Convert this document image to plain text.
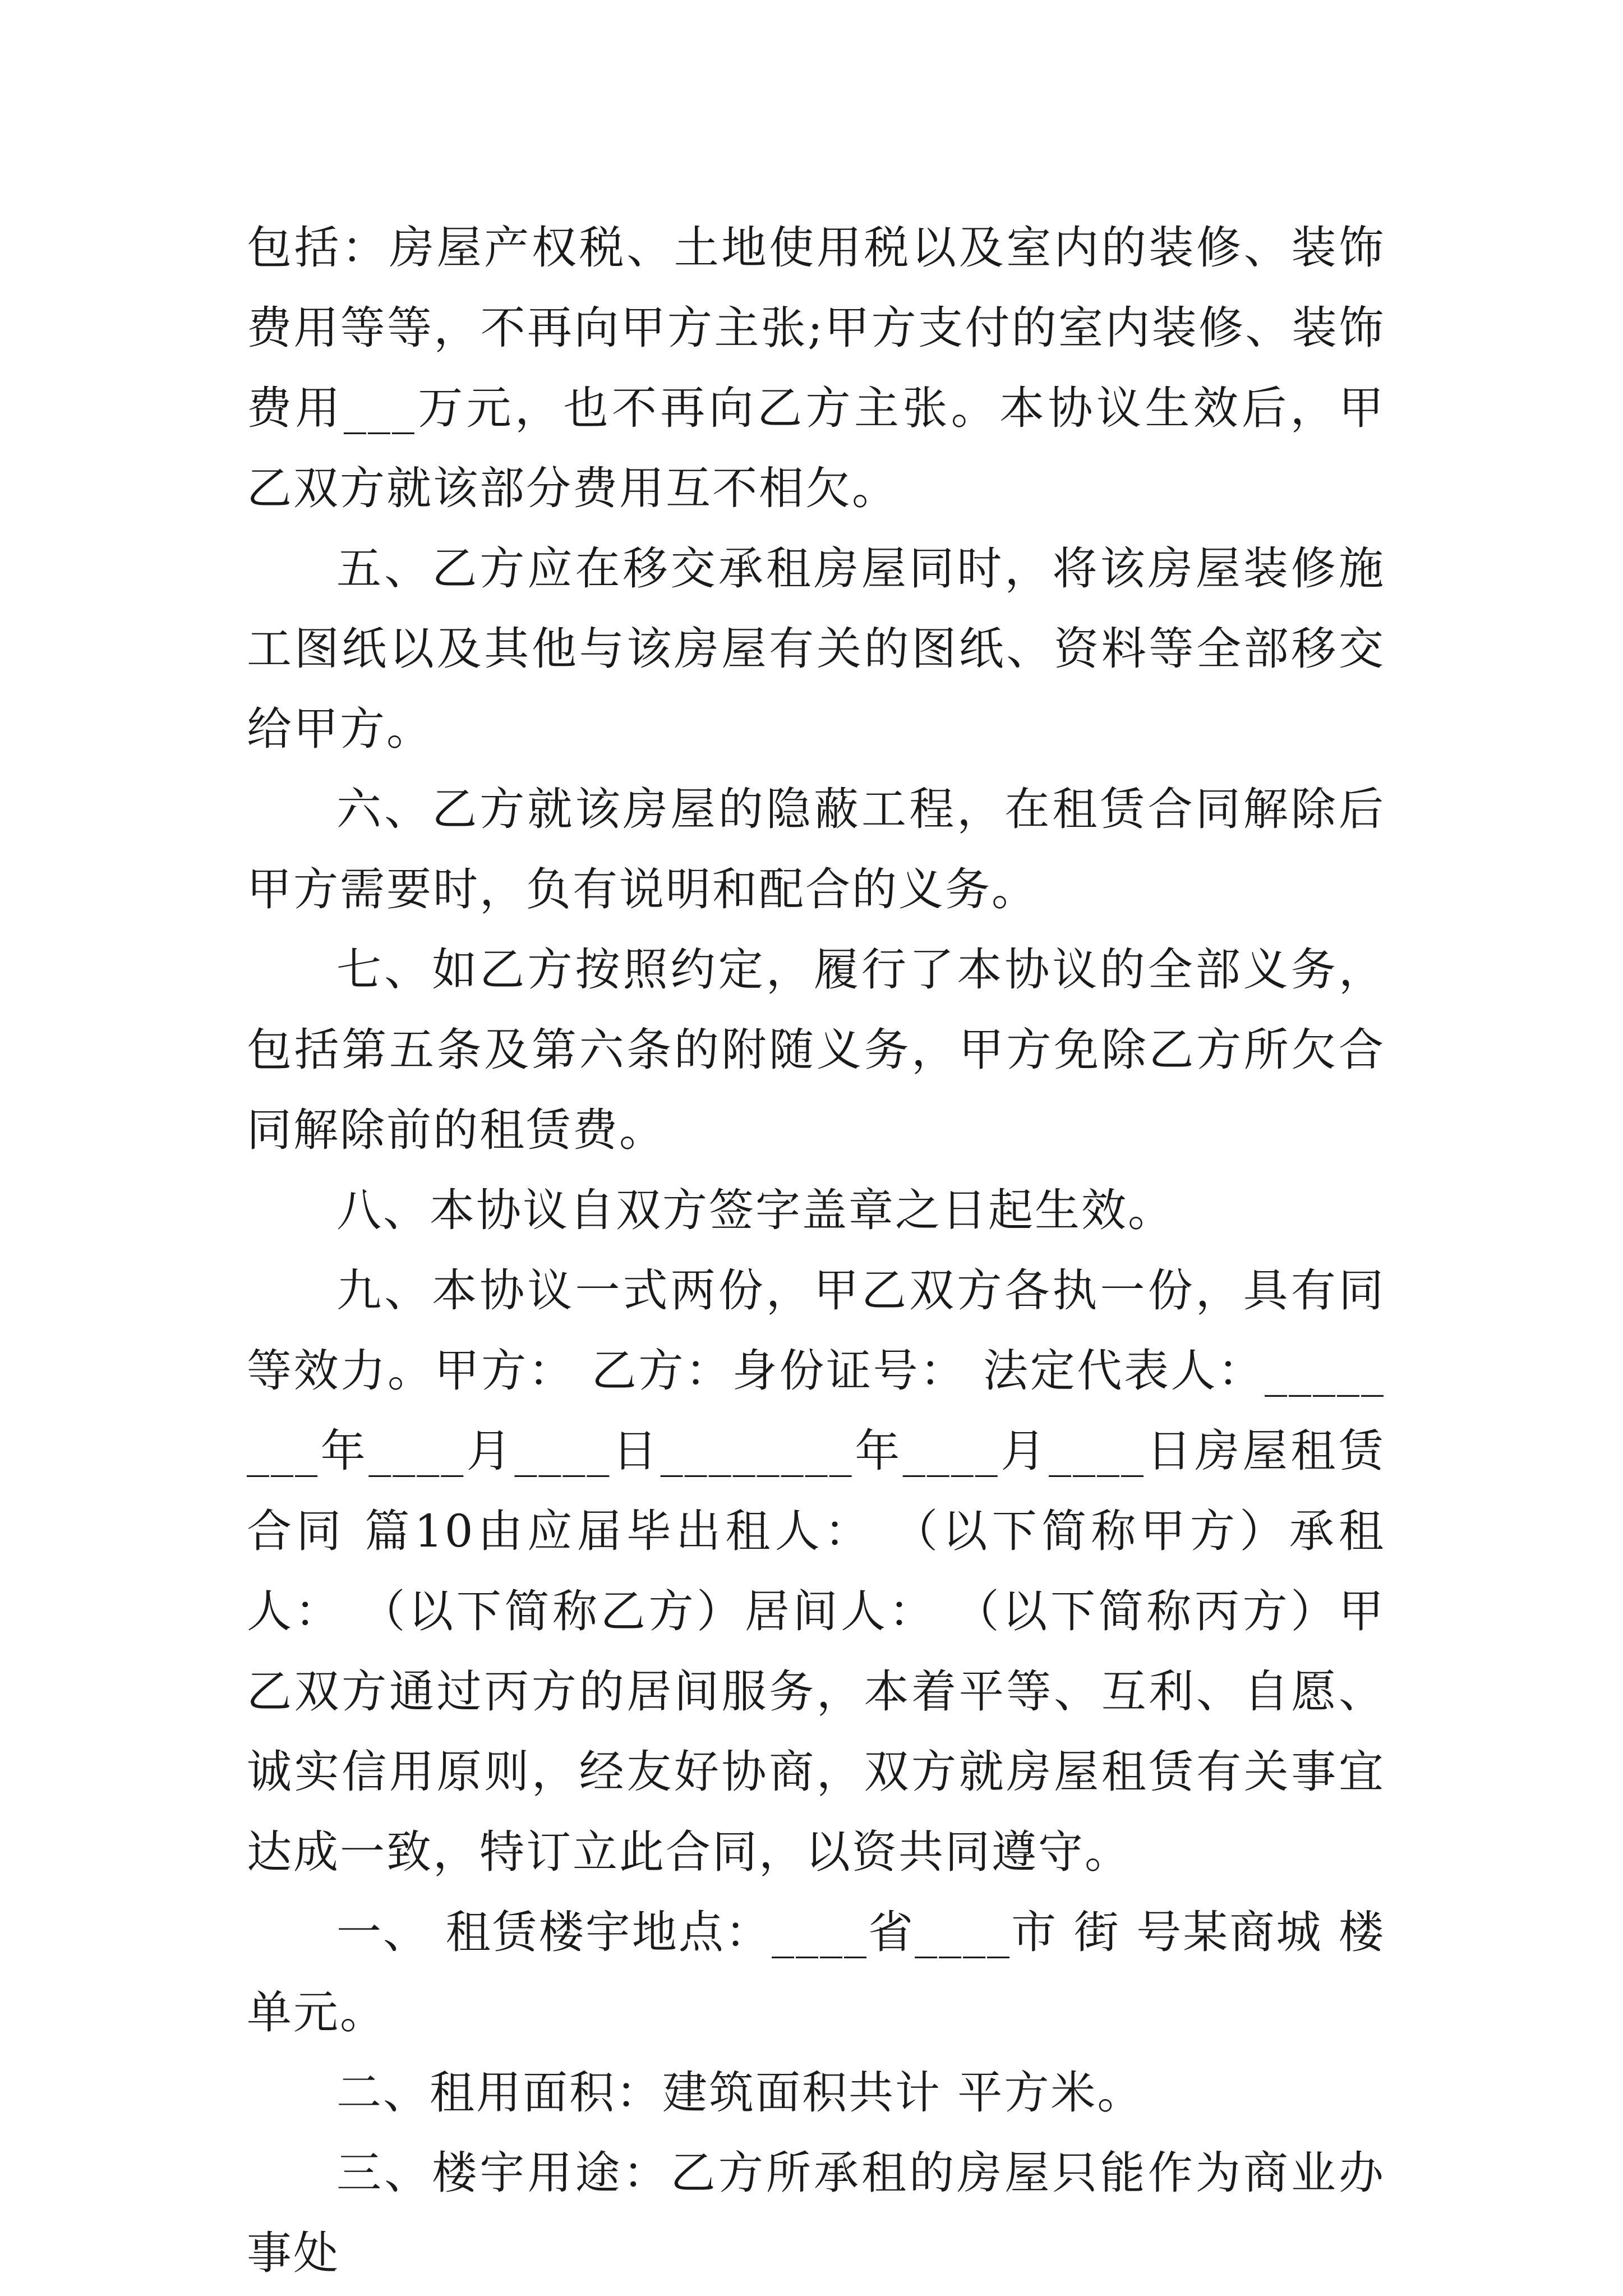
包括：房屋产权税、土地使用税以及室内的装修、装饰费用等等，不再向甲方主张;甲方支付的室内装修、装饰费用___万元，也不再向乙方主张。本协议生效后，甲乙双方就该部分费用互不相欠。

五、乙方应在移交承租房屋同时，将该房屋装修施工图纸以及其他与该房屋有关的图纸、资料等全部移交给甲方。

六、乙方就该房屋的隐蔽工程，在租赁合同解除后甲方需要时，负有说明和配合的义务。

七、如乙方按照约定，履行了本协议的全部义务，包括第五条及第六条的附随义务，甲方免除乙方所欠合同解除前的租赁费。

八、本协议自双方签字盖章之日起生效。

九、本协议一式两份，甲乙双方各执一份，具有同等效力。甲方： 乙方：身份证号： 法定代表人：________年____月____日________年____月____日房屋租赁合同 篇10由应届毕出租人： （以下简称甲方）承租人： （以下简称乙方）居间人： （以下简称丙方）甲乙双方通过丙方的居间服务，本着平等、互利、自愿、诚实信用原则，经友好协商，双方就房屋租赁有关事宜达成一致，特订立此合同，以资共同遵守。

一、 租赁楼宇地点：____省____市 街 号某商城 楼 单元。

二、租用面积：建筑面积共计 平方米。

三、楼宇用途：乙方所承租的房屋只能作为商业办事处
